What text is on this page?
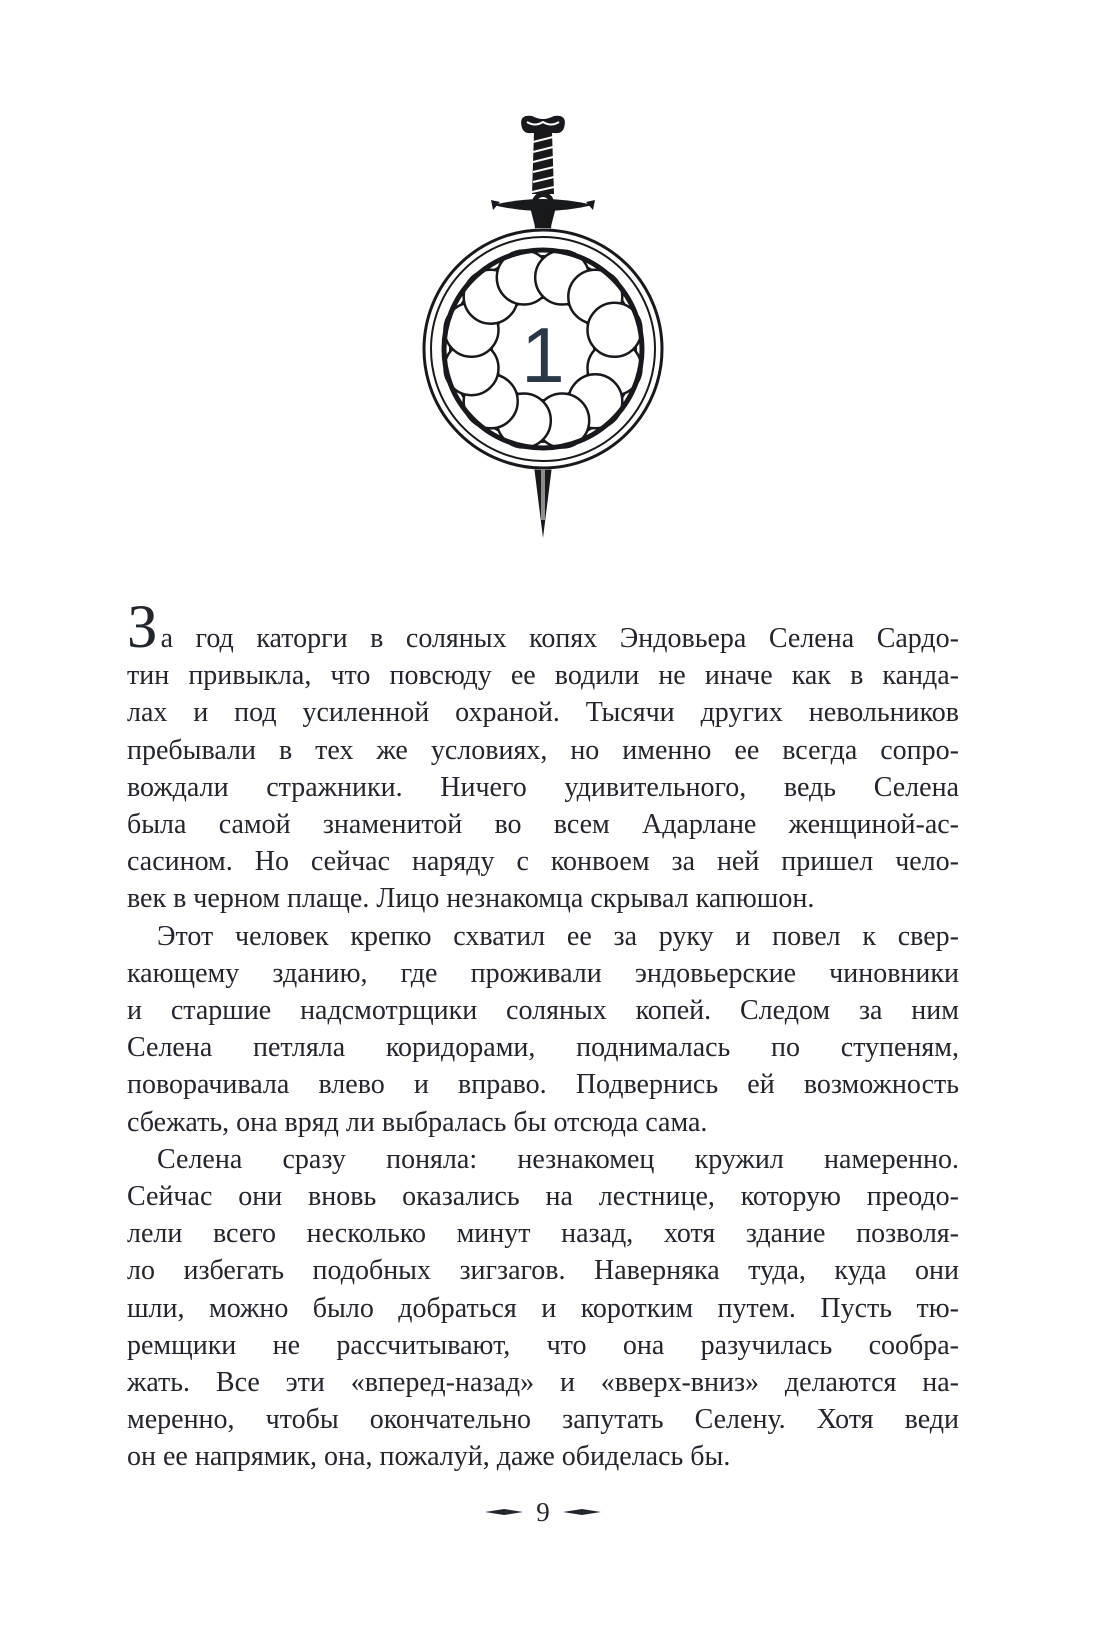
1
За год каторги в соляных копях Эндовьера Селена Сардо-
тин привыкла, что повсюду ее водили не иначе как в канда-
лах и под усиленной охраной. Тысячи других невольников
пребывали в тех же условиях, но именно ее всегда сопро-
вождали стражники. Ничего удивительного, ведь Селена
была самой знаменитой во всем Адарлане женщиной-ас-
сасином. Но сейчас наряду с конвоем за ней пришел чело-
век в черном плаще. Лицо незнакомца скрывал капюшон.
Этот человек крепко схватил ее за руку и повел к свер-
кающему зданию, где проживали эндовьерские чиновники
и старшие надсмотрщики соляных копей. Следом за ним
Селена петляла коридорами, поднималась по ступеням,
поворачивала влево и вправо. Подвернись ей возможность
сбежать, она вряд ли выбралась бы отсюда сама.
Селена сразу поняла: незнакомец кружил намеренно.
Сейчас они вновь оказались на лестнице, которую преодо-
лели всего несколько минут назад, хотя здание позволя-
ло избегать подобных зигзагов. Наверняка туда, куда они
шли, можно было добраться и коротким путем. Пусть тю-
ремщики не рассчитывают, что она разучилась сообра-
жать. Все эти «вперед-назад» и «вверх-вниз» делаются на-
меренно, чтобы окончательно запутать Селену. Хотя веди
он ее напрямик, она, пожалуй, даже обиделась бы.
9
